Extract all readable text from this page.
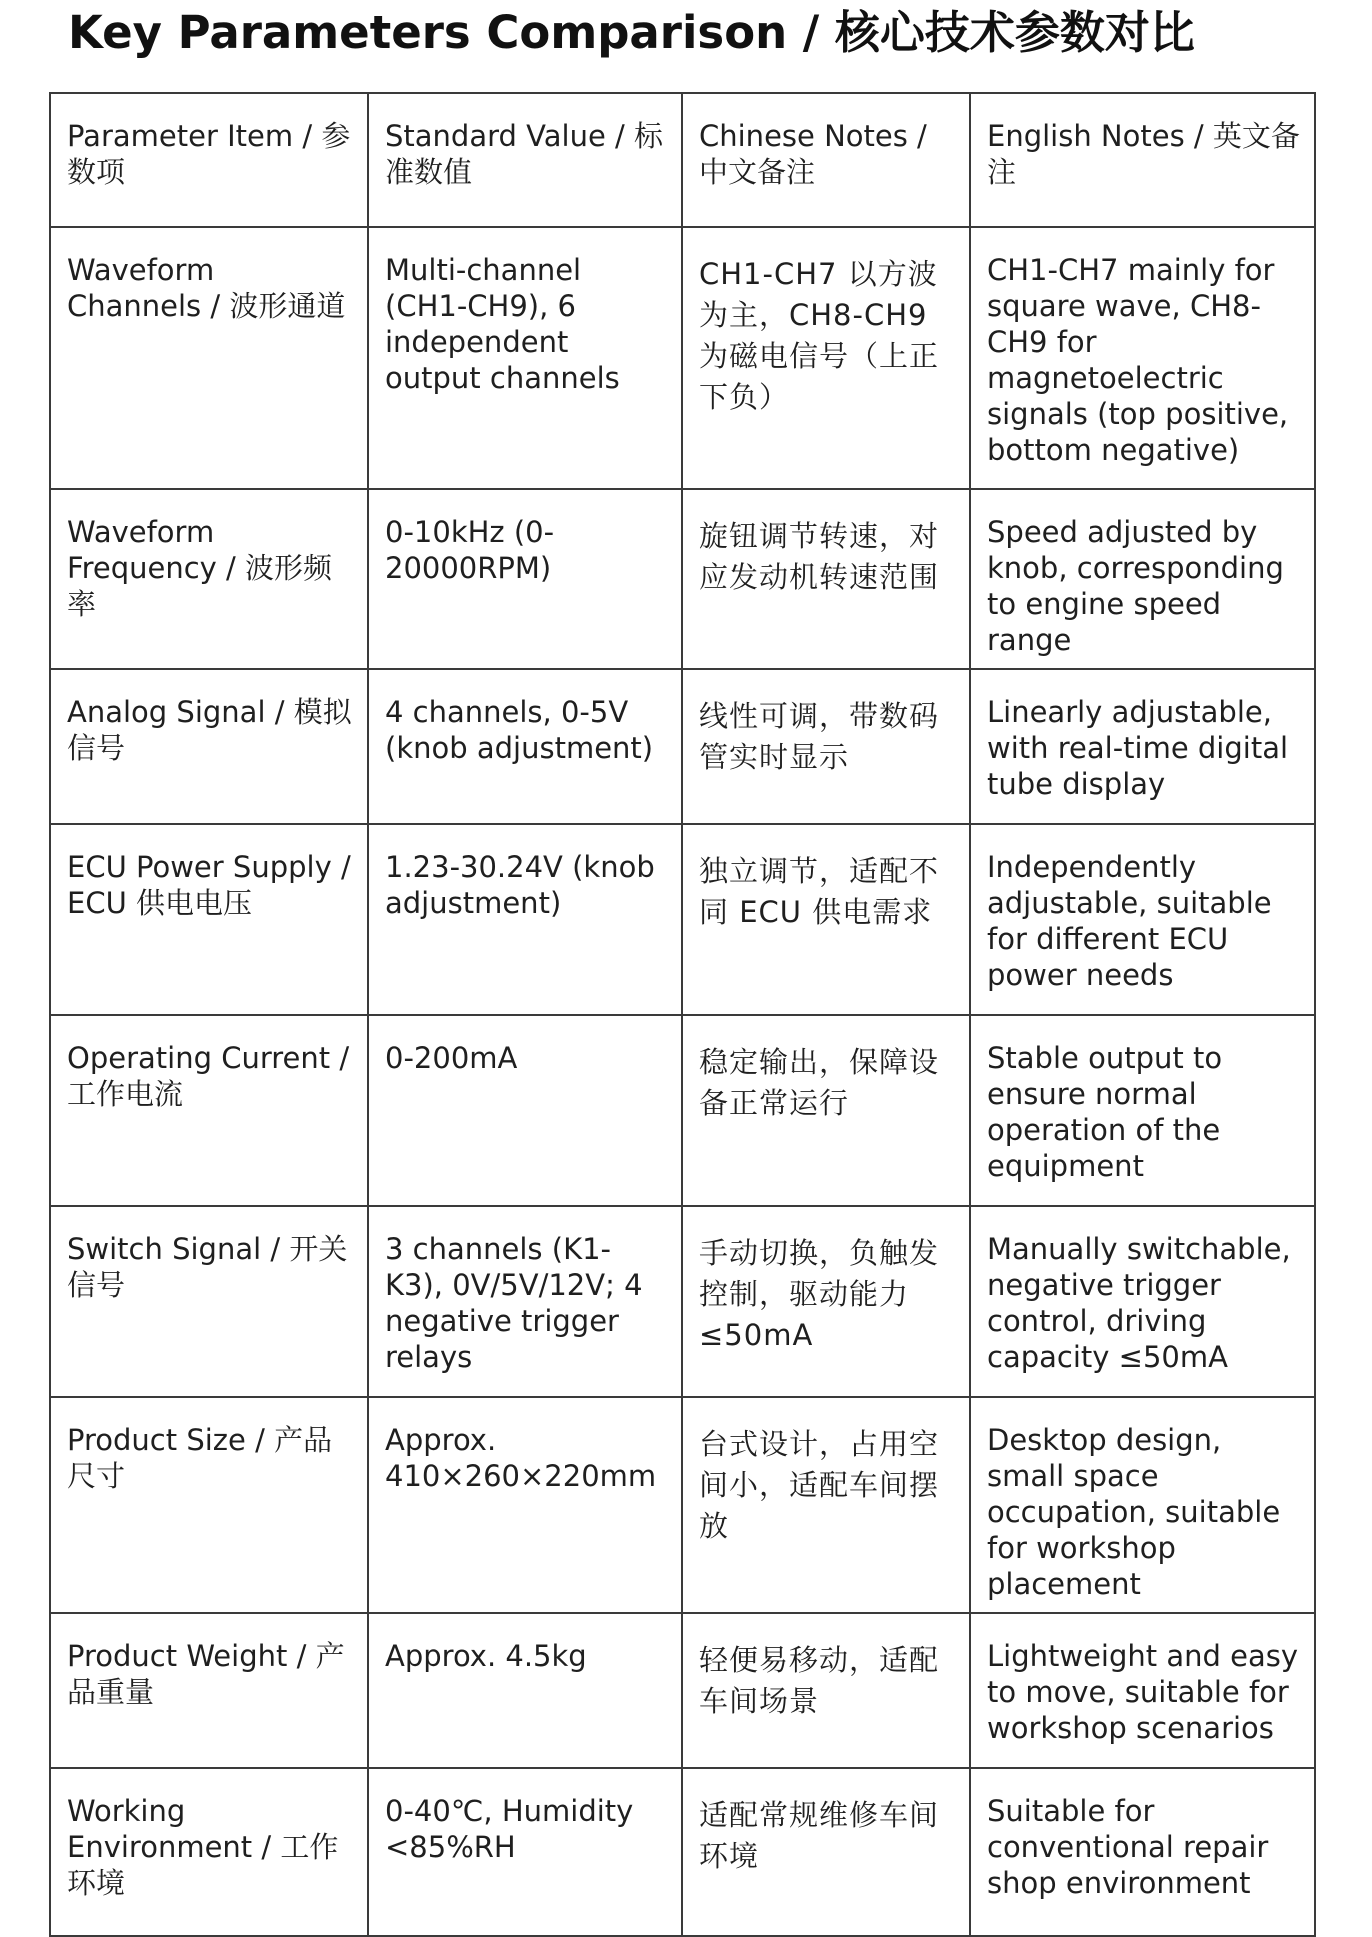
Key Parameters Comparison / 核心技术参数对比
Parameter Item / 参数项	Standard Value / 标准数值	Chinese Notes / 中文备注	English Notes / 英文备注
Waveform Channels / 波形通道	Multi-channel (CH1-CH9), 6 independent output channels	CH1-CH7 以方波为主，CH8-CH9 为磁电信号（上正下负）	CH1-CH7 mainly for square wave, CH8-CH9 for magnetoelectric signals (top positive, bottom negative)
Waveform Frequency / 波形频率	0-10kHz (0-20000RPM)	旋钮调节转速，对应发动机转速范围	Speed adjusted by knob, corresponding to engine speed range
Analog Signal / 模拟信号	4 channels, 0-5V (knob adjustment)	线性可调，带数码管实时显示	Linearly adjustable, with real-time digital tube display
ECU Power Supply / ECU 供电电压	1.23-30.24V (knob adjustment)	独立调节，适配不同 ECU 供电需求	Independently adjustable, suitable for different ECU power needs
Operating Current / 工作电流	0-200mA	稳定输出，保障设备正常运行	Stable output to ensure normal operation of the equipment
Switch Signal / 开关信号	3 channels (K1-K3), 0V/5V/12V; 4 negative trigger relays	手动切换，负触发控制，驱动能力≤50mA	Manually switchable, negative trigger control, driving capacity ≤50mA
Product Size / 产品尺寸	Approx. 410×260×220mm	台式设计，占用空间小，适配车间摆放	Desktop design, small space occupation, suitable for workshop placement
Product Weight / 产品重量	Approx. 4.5kg	轻便易移动，适配车间场景	Lightweight and easy to move, suitable for workshop scenarios
Working Environment / 工作环境	0-40℃, Humidity <85%RH	适配常规维修车间环境	Suitable for conventional repair shop environment
